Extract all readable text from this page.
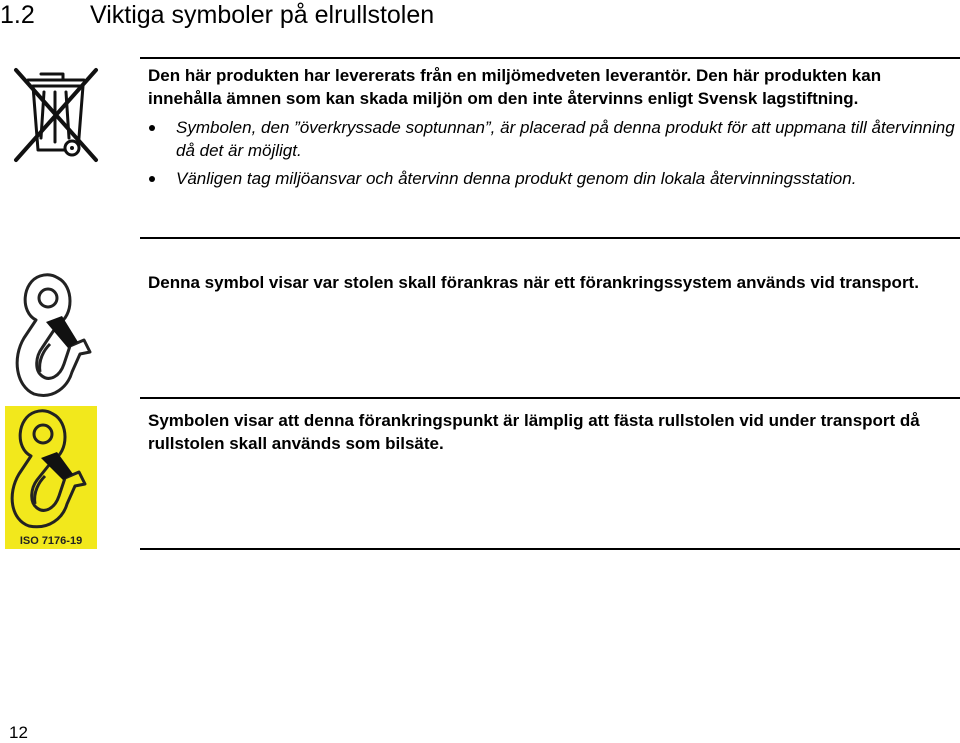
1.2 Viktiga symboler på elrullstolen
Den här produkten har levererats från en miljömedveten leverantör. Den här produkten kan innehålla ämnen som kan skada miljön om den inte återvinns enligt Svensk lagstiftning.
Symbolen, den ”överkryssade soptunnan”, är placerad på denna produkt för att uppmana till återvinning då det är möjligt.
Vänligen tag miljöansvar och återvinn denna produkt genom din lokala återvinningsstation.
Denna symbol visar var stolen skall förankras när ett förankringssystem används vid transport.
ISO 7176-19
Symbolen visar att denna förankringspunkt är lämplig att fästa rullstolen vid under transport då rullstolen skall används som bilsäte.
12
